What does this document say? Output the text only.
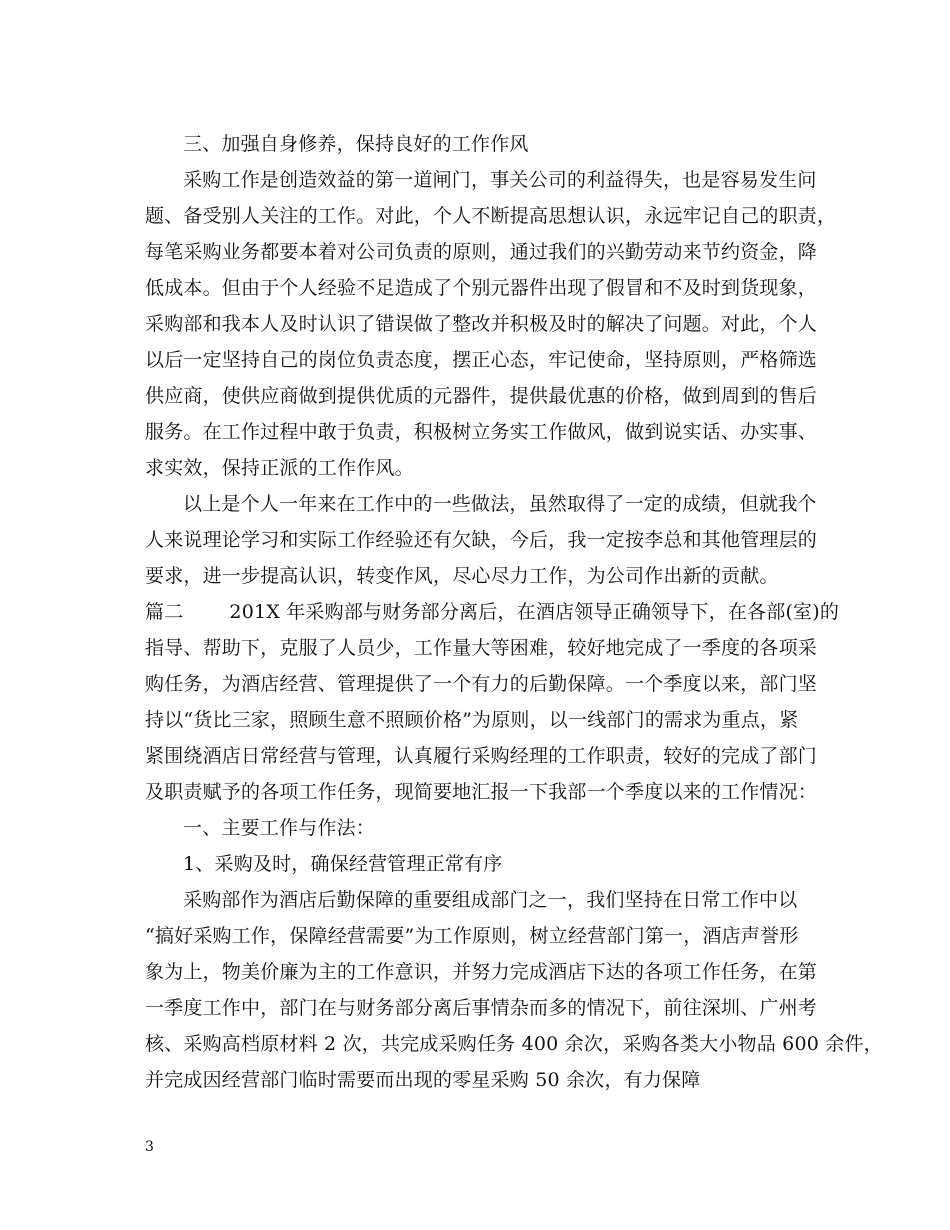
三、加强自身修养，保持良好的工作作风
采购工作是创造效益的第一道闸门，事关公司的利益得失，也是容易发生问
题、备受别人关注的工作。对此，个人不断提高思想认识，永远牢记自己的职责，
每笔采购业务都要本着对公司负责的原则，通过我们的兴勤劳动来节约资金，降
低成本。但由于个人经验不足造成了个别元器件出现了假冒和不及时到货现象，
采购部和我本人及时认识了错误做了整改并积极及时的解决了问题。对此，个人
以后一定坚持自己的岗位负责态度，摆正心态，牢记使命，坚持原则，严格筛选
供应商，使供应商做到提供优质的元器件，提供最优惠的价格，做到周到的售后
服务。在工作过程中敢于负责，积极树立务实工作做风，做到说实话、办实事、
求实效，保持正派的工作作风。
以上是个人一年来在工作中的一些做法，虽然取得了一定的成绩，但就我个
人来说理论学习和实际工作经验还有欠缺，今后，我一定按李总和其他管理层的
要求，进一步提高认识，转变作风，尽心尽力工作，为公司作出新的贡献。
篇二 201X 年采购部与财务部分离后，在酒店领导正确领导下，在各部(室)的
指导、帮助下，克服了人员少，工作量大等困难，较好地完成了一季度的各项采
购任务，为酒店经营、管理提供了一个有力的后勤保障。一个季度以来，部门坚
持以“货比三家，照顾生意不照顾价格”为原则，以一线部门的需求为重点，紧
紧围绕酒店日常经营与管理，认真履行采购经理的工作职责，较好的完成了部门
及职责赋予的各项工作任务，现简要地汇报一下我部一个季度以来的工作情况：
一、主要工作与作法：
1、采购及时，确保经营管理正常有序
采购部作为酒店后勤保障的重要组成部门之一，我们坚持在日常工作中以
“搞好采购工作，保障经营需要”为工作原则，树立经营部门第一，酒店声誉形
象为上，物美价廉为主的工作意识，并努力完成酒店下达的各项工作任务，在第
一季度工作中，部门在与财务部分离后事情杂而多的情况下，前往深圳、广州考
核、采购高档原材料 2 次，共完成采购任务 400 余次，采购各类大小物品 600 余件，
并完成因经营部门临时需要而出现的零星采购 50 余次，有力保障
3
